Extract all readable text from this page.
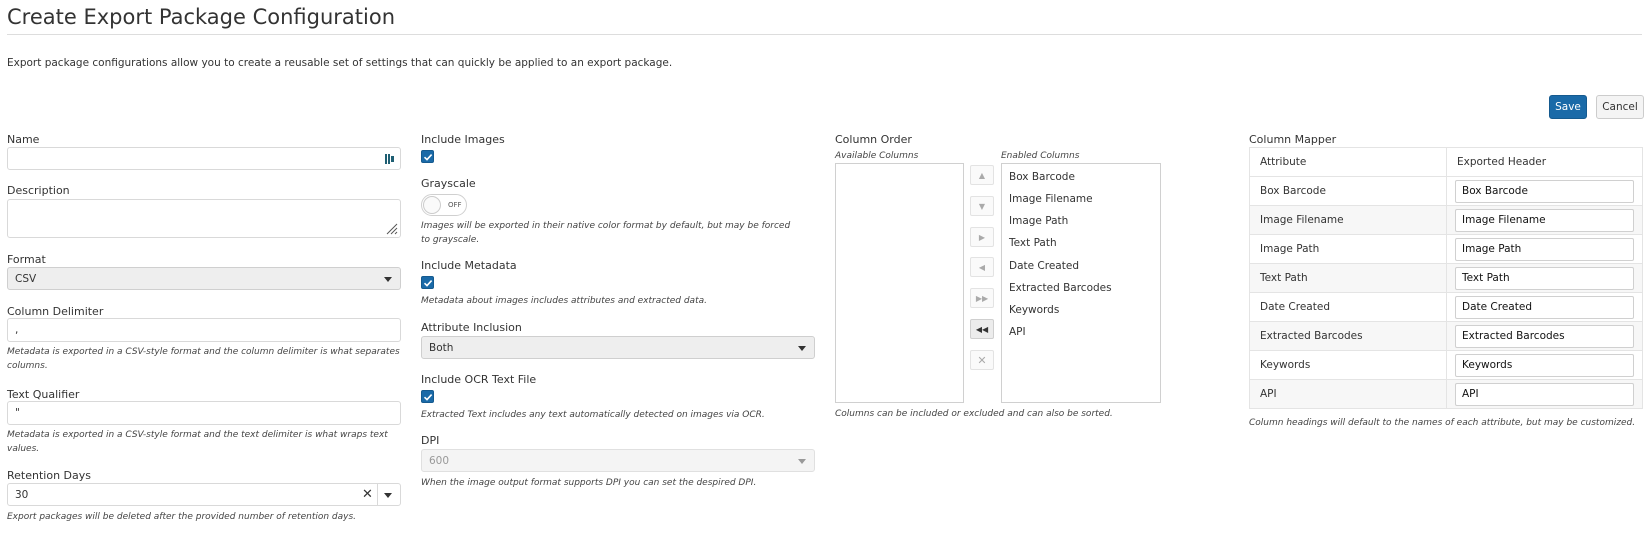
Create Export Package Configuration
Export package configurations allow you to create a reusable set of settings that can quickly be applied to an export package.
Save	Cancel
Name
Description
Format
CSV
Column Delimiter
,
Metadata is exported in a CSV-style format and the column delimiter is what separates columns.
Text Qualifier
"
Metadata is exported in a CSV-style format and the text delimiter is what wraps text values.
Retention Days
30	✕
Export packages will be deleted after the provided number of retention days.
Include Images
Grayscale
OFF
Images will be exported in their native color format by default, but may be forced to grayscale.
Include Metadata
Metadata about images includes attributes and extracted data.
Attribute Inclusion
Both
Include OCR Text File
Extracted Text includes any text automatically detected on images via OCR.
DPI
600
When the image output format supports DPI you can set the despired DPI.
Column Order
Available Columns	Enabled Columns
▲
▼
▶
◀
▶▶
◀◀
✕
Box Barcode
Image Filename
Image Path
Text Path
Date Created
Extracted Barcodes
Keywords
API
Columns can be included or excluded and can also be sorted.
Column Mapper
Attribute	Exported Header
Box Barcode	Box Barcode

Image Filename	Image Filename

Image Path	Image Path

Text Path	Text Path

Date Created	Date Created

Extracted Barcodes	Extracted Barcodes

Keywords	Keywords

API	API
Column headings will default to the names of each attribute, but may be customized.
